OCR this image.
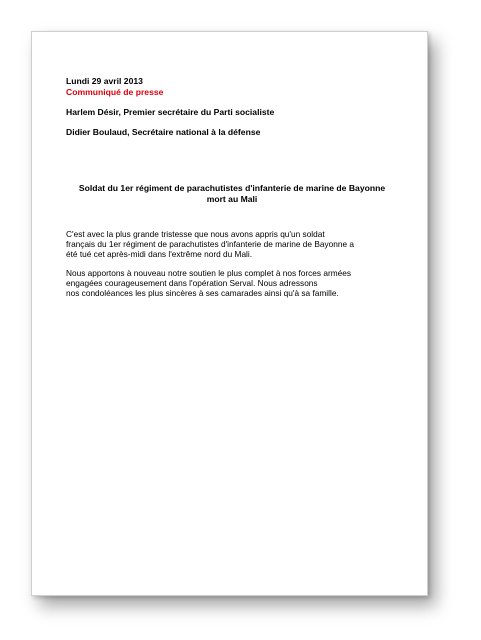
Lundi 29 avril 2013
Communiqué de presse
Harlem Désir, Premier secrétaire du Parti socialiste
Didier Boulaud, Secrétaire national à la défense
Soldat du 1er régiment de parachutistes d'infanterie de marine de Bayonne mort au Mali

C'est avec la plus grande tristesse que nous avons appris qu'un soldat
français du 1er régiment de parachutistes d'infanterie de marine de Bayonne a
été tué cet après-midi dans l'extrême nord du Mali.

Nous apportons à nouveau notre soutien le plus complet à nos forces armées
engagées courageusement dans l'opération Serval. Nous adressons
nos condoléances les plus sincères à ses camarades ainsi qu'à sa famille.
